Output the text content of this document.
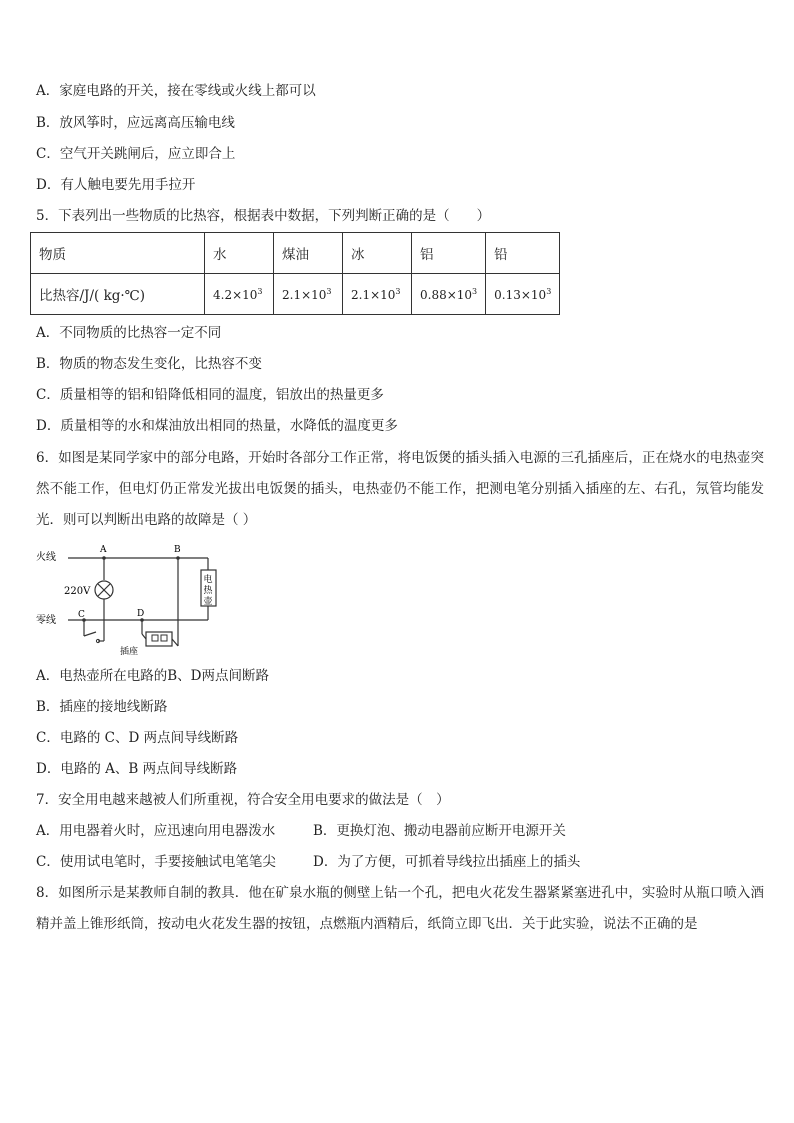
A．家庭电路的开关，接在零线或火线上都可以
B．放风筝时，应远离高压输电线
C．空气开关跳闸后，应立即合上
D．有人触电要先用手拉开
5．下表列出一些物质的比热容，根据表中数据，下列判断正确的是（　　）
物质	水	煤油	冰	铝	铅
比热容/J/( kg·℃)	$4.2\times 10^3$	$2.1\times 10^3$	$2.1\times 10^3$	$0.88\times 10^3$	$0.13\times 10^3$
A．不同物质的比热容一定不同
B．物质的物态发生变化，比热容不变
C．质量相等的铝和铅降低相同的温度，铝放出的热量更多
D．质量相等的水和煤油放出相同的热量，水降低的温度更多
6．如图是某同学家中的部分电路，开始时各部分工作正常，将电饭煲的插头插入电源的三孔插座后，正在烧水的电热壶突然不能工作，但电灯仍正常发光拔出电饭煲的插头，电热壶仍不能工作，把测电笔分别插入插座的左、右孔，氖管均能发光．则可以判断出电路的故障是（ ）
火线
零线
220V
A	B
C	D
插座
电
热
壶
A．电热壶所在电路的B、D两点间断路
B．插座的接地线断路
C．电路的 C、D 两点间导线断路
D．电路的 A、B 两点间导线断路
7．安全用电越来越被人们所重视，符合安全用电要求的做法是（　）
A．用电器着火时，应迅速向用电器泼水	B．更换灯泡、搬动电器前应断开电源开关
C．使用试电笔时，手要接触试电笔笔尖	D．为了方便，可抓着导线拉出插座上的插头
8．如图所示是某教师自制的教具．他在矿泉水瓶的侧壁上钻一个孔，把电火花发生器紧紧塞进孔中，实验时从瓶口喷入酒精并盖上锥形纸筒，按动电火花发生器的按钮，点燃瓶内酒精后，纸筒立即飞出．关于此实验，说法不正确的是
